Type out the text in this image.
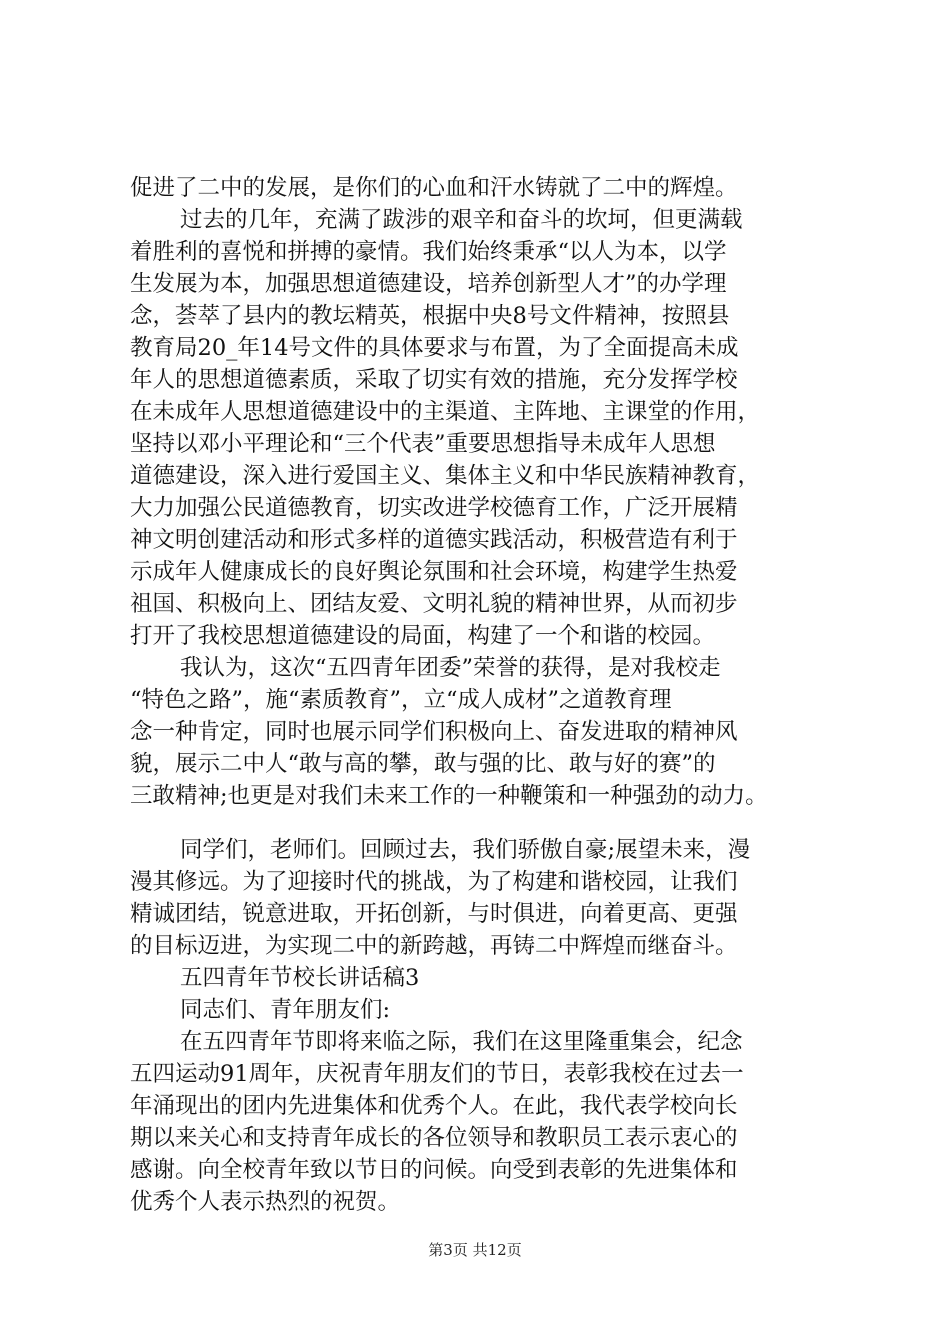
促进了二中的发展，是你们的心血和汗水铸就了二中的辉煌。
过去的几年，充满了跋涉的艰辛和奋斗的坎坷，但更满载
着胜利的喜悦和拼搏的豪情。我们始终秉承“以人为本，以学
生发展为本，加强思想道德建设，培养创新型人才”的办学理
念，荟萃了县内的教坛精英，根据中央8号文件精神，按照县
教育局20_年14号文件的具体要求与布置，为了全面提高未成
年人的思想道德素质，采取了切实有效的措施，充分发挥学校
在未成年人思想道德建设中的主渠道、主阵地、主课堂的作用，
坚持以邓小平理论和“三个代表”重要思想指导未成年人思想
道德建设，深入进行爱国主义、集体主义和中华民族精神教育，
大力加强公民道德教育，切实改进学校德育工作，广泛开展精
神文明创建活动和形式多样的道德实践活动，积极营造有利于
示成年人健康成长的良好舆论氛围和社会环境，构建学生热爱
祖国、积极向上、团结友爱、文明礼貌的精神世界，从而初步
打开了我校思想道德建设的局面，构建了一个和谐的校园。
我认为，这次“五四青年团委”荣誉的获得，是对我校走
“特色之路”，施“素质教育”，立“成人成材”之道教育理
念一种肯定，同时也展示同学们积极向上、奋发进取的精神风
貌，展示二中人“敢与高的攀，敢与强的比、敢与好的赛”的
三敢精神;也更是对我们未来工作的一种鞭策和一种强劲的动力。
同学们，老师们。回顾过去，我们骄傲自豪;展望未来，漫
漫其修远。为了迎接时代的挑战，为了构建和谐校园，让我们
精诚团结，锐意进取，开拓创新，与时俱进，向着更高、更强
的目标迈进，为实现二中的新跨越，再铸二中辉煌而继奋斗。
五四青年节校长讲话稿3
同志们、青年朋友们:
在五四青年节即将来临之际，我们在这里隆重集会，纪念
五四运动91周年，庆祝青年朋友们的节日，表彰我校在过去一
年涌现出的团内先进集体和优秀个人。在此，我代表学校向长
期以来关心和支持青年成长的各位领导和教职员工表示衷心的
感谢。向全校青年致以节日的问候。向受到表彰的先进集体和
优秀个人表示热烈的祝贺。
第3页 共12页
